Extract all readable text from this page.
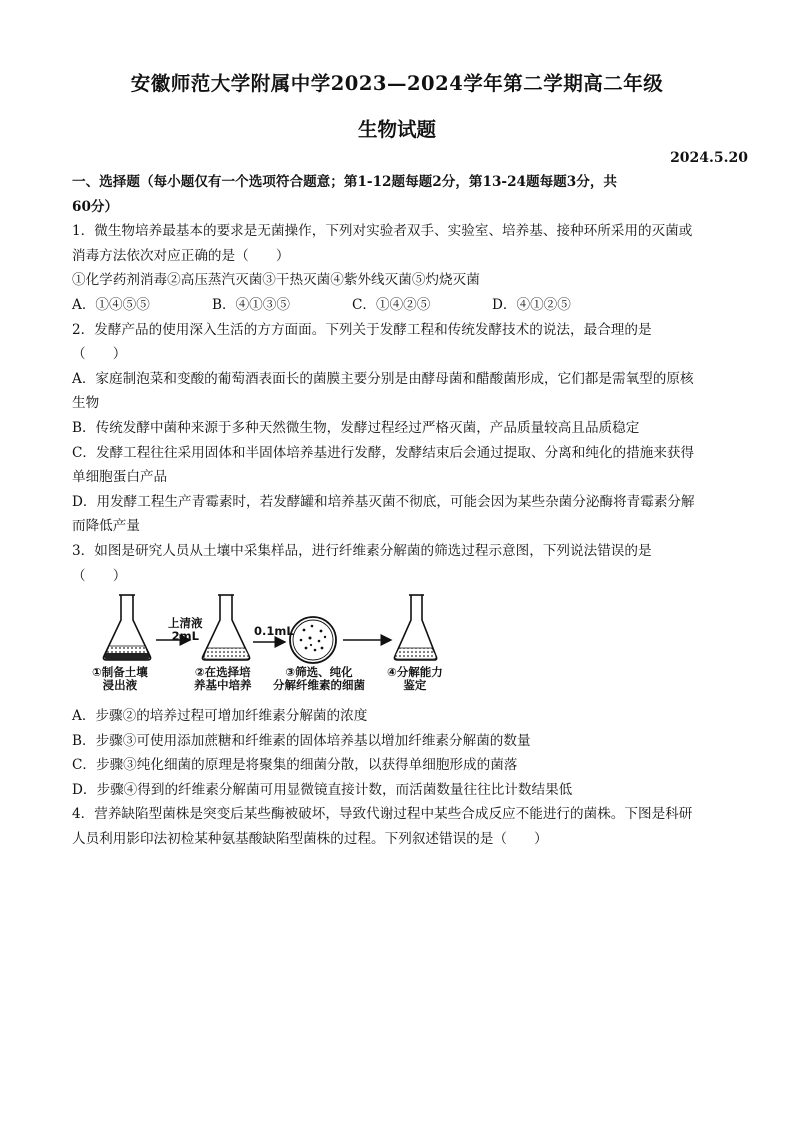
安徽师范大学附属中学2023—2024学年第二学期高二年级
生物试题
2024.5.20

一、选择题（每小题仅有一个选项符合题意；第1-12题每题2分，第13-24题每题3分，共

60分）

1．微生物培养最基本的要求是无菌操作，下列对实验者双手、实验室、培养基、接种环所采用的灭菌或

消毒方法依次对应正确的是（　　）

①化学药剂消毒②高压蒸汽灭菌③干热灭菌④紫外线灭菌⑤灼烧灭菌

A．①④⑤⑤	B．④①③⑤	C．①④②⑤	D．④①②⑤

2．发酵产品的使用深入生活的方方面面。下列关于发酵工程和传统发酵技术的说法，最合理的是

（　　）

A．家庭制泡菜和变酸的葡萄酒表面长的菌膜主要分别是由酵母菌和醋酸菌形成，它们都是需氧型的原核

生物

B．传统发酵中菌种来源于多种天然微生物，发酵过程经过严格灭菌，产品质量较高且品质稳定

C．发酵工程往往采用固体和半固体培养基进行发酵，发酵结束后会通过提取、分离和纯化的措施来获得

单细胞蛋白产品

D．用发酵工程生产青霉素时，若发酵罐和培养基灭菌不彻底，可能会因为某些杂菌分泌酶将青霉素分解

而降低产量

3．如图是研究人员从土壤中采集样品，进行纤维素分解菌的筛选过程示意图，下列说法错误的是

（　　）

上清液
2mL	0.1mL
①制备土壤
浸出液
②在选择培
养基中培养
③筛选、纯化
分解纤维素的细菌
④分解能力
鉴定

A．步骤②的培养过程可增加纤维素分解菌的浓度

B．步骤③可使用添加蔗糖和纤维素的固体培养基以增加纤维素分解菌的数量

C．步骤③纯化细菌的原理是将聚集的细菌分散，以获得单细胞形成的菌落

D．步骤④得到的纤维素分解菌可用显微镜直接计数，而活菌数量往往比计数结果低

4．营养缺陷型菌株是突变后某些酶被破坏，导致代谢过程中某些合成反应不能进行的菌株。下图是科研

人员利用影印法初检某种氨基酸缺陷型菌株的过程。下列叙述错误的是（　　）
